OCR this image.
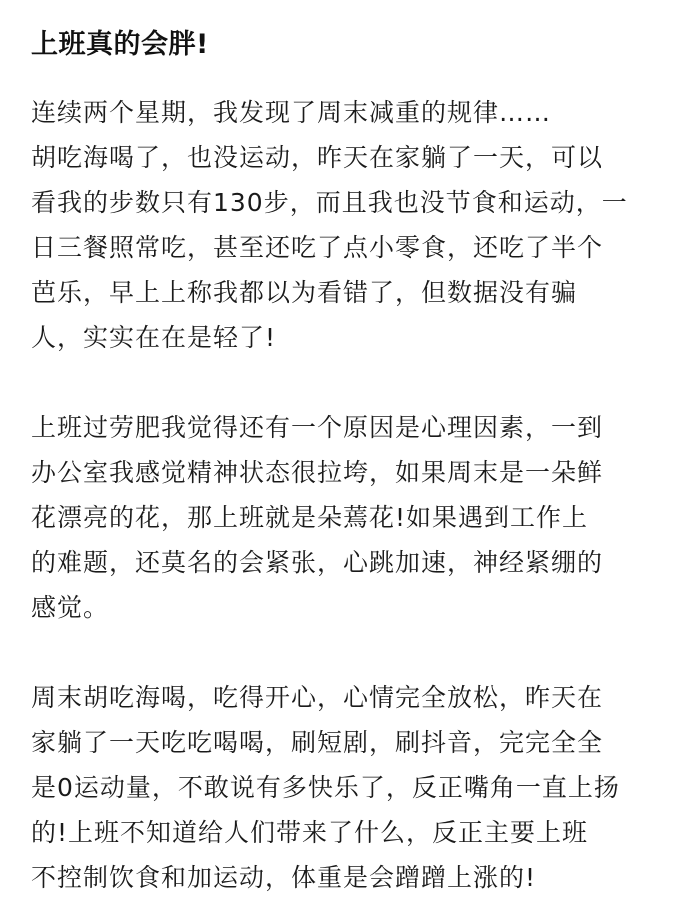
上班真的会胖!

连续两个星期，我发现了周末减重的规律……
胡吃海喝了，也没运动，昨天在家躺了一天，可以
看我的步数只有130步，而且我也没节食和运动，一
日三餐照常吃，甚至还吃了点小零食，还吃了半个
芭乐，早上上称我都以为看错了，但数据没有骗
人，实实在在是轻了!

上班过劳肥我觉得还有一个原因是心理因素，一到
办公室我感觉精神状态很拉垮，如果周末是一朵鲜
花漂亮的花，那上班就是朵蔫花!如果遇到工作上
的难题，还莫名的会紧张，心跳加速，神经紧绷的
感觉。

周末胡吃海喝，吃得开心，心情完全放松，昨天在
家躺了一天吃吃喝喝，刷短剧，刷抖音，完完全全
是0运动量，不敢说有多快乐了，反正嘴角一直上扬
的!上班不知道给人们带来了什么，反正主要上班
不控制饮食和加运动，体重是会蹭蹭上涨的!
